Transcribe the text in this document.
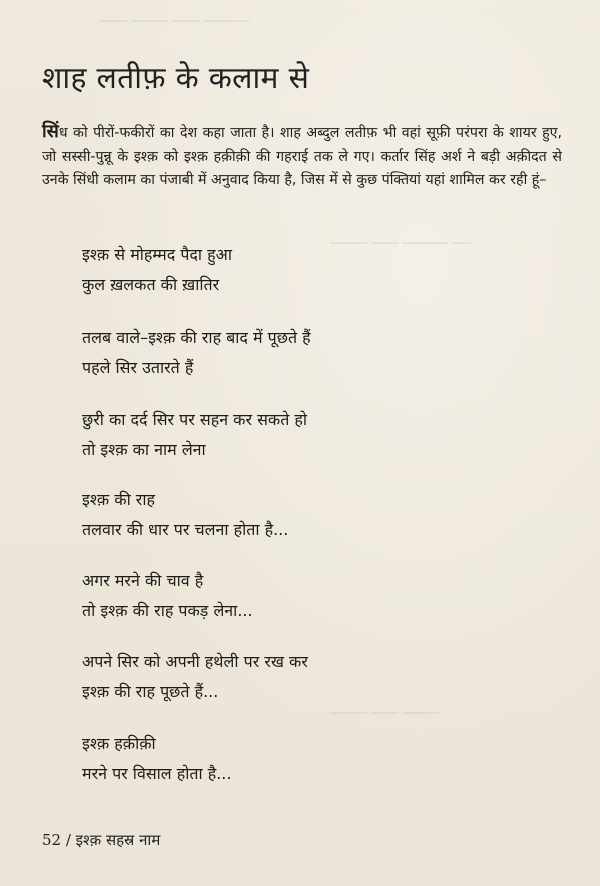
▁▁▁ ▁▁▁▁ ▁▁▁ ▁▁▁▁▁
▁▁▁▁ ▁▁▁ ▁▁▁▁▁ ▁▁
▁▁▁▁ ▁▁▁ ▁▁▁▁
शाह लतीफ़ के कलाम से

सिंध को पीरों-फकीरों का देश कहा जाता है। शाह अब्दुल लतीफ़ भी वहां सूफ़ी परंपरा के शायर हुए, जो सस्सी-पुन्नू के इश्क़ को इश्क़ हक़ीक़ी की गहराई तक ले गए। कर्तार सिंह अर्श ने बड़ी अक़ीदत से उनके सिंधी कलाम का पंजाबी में अनुवाद किया है, जिस में से कुछ पंक्तियां यहां शामिल कर रही हूं–

इश्क़ से मोहम्मद पैदा हुआ
कुल ख़लकत की ख़ातिर
तलब वाले–इश्क़ की राह बाद में पूछते हैं
पहले सिर उतारते हैं
छुरी का दर्द सिर पर सहन कर सकते हो
तो इश्क़ का नाम लेना
इश्क़ की राह
तलवार की धार पर चलना होता है...
अगर मरने की चाव है
तो इश्क़ की राह पकड़ लेना...
अपने सिर को अपनी हथेली पर रख कर
इश्क़ की राह पूछते हैं...
इश्क़ हक़ीक़ी
मरने पर विसाल होता है...
52 / इश्क़ सहस्र नाम
